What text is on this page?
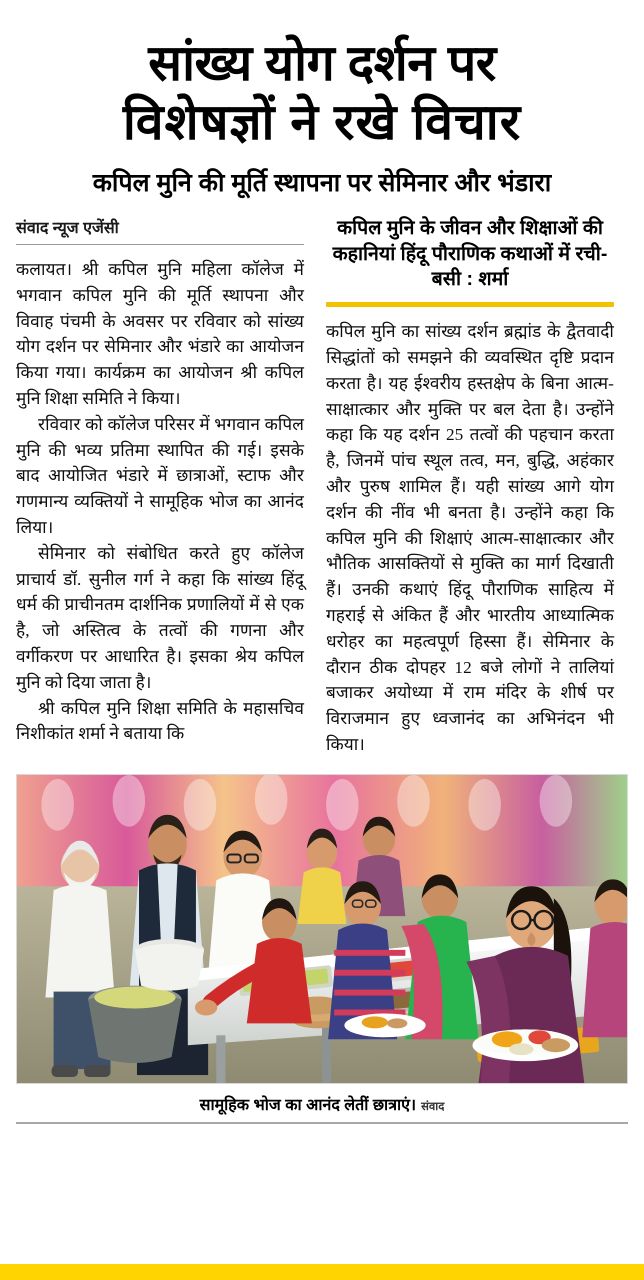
सांख्य योग दर्शन पर
विशेषज्ञों ने रखे विचार
कपिल मुनि की मूर्ति स्थापना पर सेमिनार और भंडारा
संवाद न्यूज एजेंसी

कलायत। श्री कपिल मुनि महिला कॉलेज में भगवान कपिल मुनि की मूर्ति स्थापना और विवाह पंचमी के अवसर पर रविवार को सांख्य योग दर्शन पर सेमिनार और भंडारे का आयोजन किया गया। कार्यक्रम का आयोजन श्री कपिल मुनि शिक्षा समिति ने किया।

रविवार को कॉलेज परिसर में भगवान कपिल मुनि की भव्य प्रतिमा स्थापित की गई। इसके बाद आयोजित भंडारे में छात्राओं, स्टाफ और गणमान्य व्यक्तियों ने सामूहिक भोज का आनंद लिया।

सेमिनार को संबोधित करते हुए कॉलेज प्राचार्य डॉ. सुनील गर्ग ने कहा कि सांख्य हिंदू धर्म की प्राचीनतम दार्शनिक प्रणालियों में से एक है, जो अस्तित्व के तत्वों की गणना और वर्गीकरण पर आधारित है। इसका श्रेय कपिल मुनि को दिया जाता है।

श्री कपिल मुनि शिक्षा समिति के महासचिव निशीकांत शर्मा ने बताया कि

कपिल मुनि के जीवन और शिक्षाओं की कहानियां हिंदू पौराणिक कथाओं में रची-बसी : शर्मा

कपिल मुनि का सांख्य दर्शन ब्रह्मांड के द्वैतवादी सिद्धांतों को समझने की व्यवस्थित दृष्टि प्रदान करता है। यह ईश्वरीय हस्तक्षेप के बिना आत्म-साक्षात्कार और मुक्ति पर बल देता है। उन्होंने कहा कि यह दर्शन 25 तत्वों की पहचान करता है, जिनमें पांच स्थूल तत्व, मन, बुद्धि, अहंकार और पुरुष शामिल हैं। यही सांख्य आगे योग दर्शन की नींव भी बनता है। उन्होंने कहा कि कपिल मुनि की शिक्षाएं आत्म-साक्षात्कार और भौतिक आसक्तियों से मुक्ति का मार्ग दिखाती हैं। उनकी कथाएं हिंदू पौराणिक साहित्य में गहराई से अंकित हैं और भारतीय आध्यात्मिक धरोहर का महत्वपूर्ण हिस्सा हैं। सेमिनार के दौरान ठीक दोपहर 12 बजे लोगों ने तालियां बजाकर अयोध्या में राम मंदिर के शीर्ष पर विराजमान हुए ध्वजानंद का अभिनंदन भी किया।

सामूहिक भोज का आनंद लेतीं छात्राएं। संवाद
